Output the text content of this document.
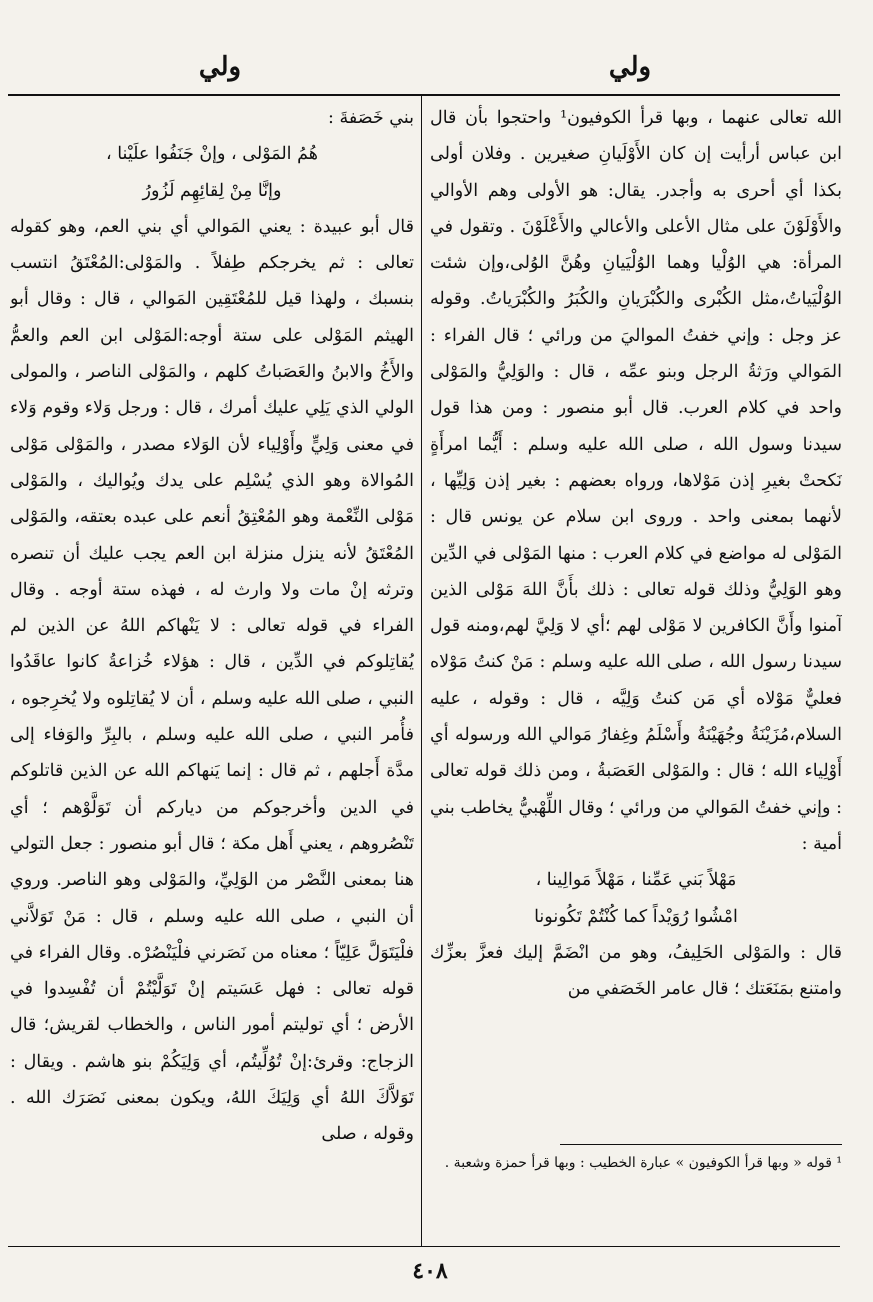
ولي
ولي

الله تعالى عنهما ، وبها قرأ الكوفيون¹ واحتجوا بأن قال ابن عباس أرأيت إن كان الأَوْلَيانِ صغيرين . وفلان أولى بكذا أي أحرى به وأجدر. يقال: هو الأولى وهم الأوالي والأَوْلَوْنَ على مثال الأعلى والأعالي والأَعْلَوْنَ . وتقول في المرأة: هي الوُلْيا وهما الوُلْيَيانِ وهُنَّ الوُلى،وإن شئت الوُلْيَياتُ،مثل الكُبْرى والكُبْرَيانِ والكُبَرُ والكُبْرَياتُ. وقوله عز وجل : وإني خفتُ المواليَ من ورائي ؛ قال الفراء : المَوالي ورَثةُ الرجل وبنو عمِّه ، قال : والوَلِيُّ والمَوْلى واحد في كلام العرب. قال أبو منصور : ومن هذا قول سيدنا وسول الله ، صلى الله عليه وسلم : أَيُّما امرأَةٍ نَكحتْ بغيرِ إذن مَوْلاها، ورواه بعضهم : بغير إذن وَلِيِّها ، لأنهما بمعنى واحد . وروى ابن سلام عن يونس قال : المَوْلى له مواضع في كلام العرب : منها المَوْلى في الدِّين وهو الوَلِيُّ وذلك قوله تعالى : ذلك بأَنَّ اللهَ مَوْلى الذين آمنوا وأَنَّ الكافرين لا مَوْلى لهم ؛أي لا وَلِيَّ لهم،ومنه قول سيدنا رسول الله ، صلى الله عليه وسلم : مَنْ كنتُ مَوْلاه فعليٌّ مَوْلاه أي مَن كنتُ وَلِيَّه ، قال : وقوله ، عليه السلام،مُزَيْنَةُ وجُهَيْنَةُ وأَسْلَمُ وغِفارُ مَوالي الله ورسوله أي أَوْلِياء الله ؛ قال : والمَوْلى العَصَبةُ ، ومن ذلك قوله تعالى : وإني خفتُ المَوالي من ورائي ؛ وقال اللِّهْبيُّ يخاطب بني أمية :

مَهْلاً بَني عَمِّنا ، مَهْلاً مَوالِينا ،

امْشُوا رُوَيْداً كما كُنْتُمْ تَكُونونا

قال : والمَوْلى الحَلِيفُ، وهو من انْضَمَّ إليك فعزَّ بعزِّك وامتنع بمَنَعَتك ؛ قال عامر الخَصَفي من

¹ قوله « وبها قرأ الكوفيون » عبارة الخطيب : وبها قرأ حمزة وشعبة .

بني خَصَفةَ :

هُمُ المَوْلى ، وإنْ جَنَفُوا علَيْنا ،

وإنَّا مِنْ لِقائِهِم لَزُورُ

قال أبو عبيدة : يعني المَوالي أي بني العم، وهو كقوله تعالى : ثم يخرجكم طِفلاً . والمَوْلى:المُعْتَقُ انتسب بنسبك ، ولهذا قيل للمُعْتَقِين المَوالي ، قال : وقال أبو الهيثم المَوْلى على ستة أوجه:المَوْلى ابن العم والعمُّ والأَخُ والابنُ والعَصَباتُ كلهم ، والمَوْلى الناصر ، والمولى الولي الذي يَلِي عليك أمرك ، قال : ورجل وَلاء وقوم وَلاء في معنى وَلِيٍّ وأَوْلِياء لأن الوَلاء مصدر ، والمَوْلى مَوْلى المُوالاة وهو الذي يُسْلِم على يدك ويُواليك ، والمَوْلى مَوْلى النِّعْمة وهو المُعْتِقُ أنعم على عبده بعتقه، والمَوْلى المُعْتَقُ لأنه ينزل منزلة ابن العم يجب عليك أن تنصره وترثه إنْ مات ولا وارث له ، فهذه ستة أوجه . وقال الفراء في قوله تعالى : لا يَنْهاكم اللهُ عن الذين لم يُقاتِلوكم في الدِّين ، قال : هؤلاء خُزاعةُ كانوا عاقَدُوا النبي ، صلى الله عليه وسلم ، أن لا يُقاتِلوه ولا يُخرِجوه ، فأُمر النبي ، صلى الله عليه وسلم ، بالبِرِّ والوَفاء إلى مدَّة أَجلهم ، ثم قال : إنما يَنهاكم الله عن الذين قاتلوكم في الدين وأخرجوكم من دياركم أن تَوَلَّوْهم ؛ أي تَنْصُروهم ، يعني أَهل مكة ؛ قال أبو منصور : جعل التولي هنا بمعنى النَّصْر من الوَلِيِّ، والمَوْلى وهو الناصر. وروي أن النبي ، صلى الله عليه وسلم ، قال : مَنْ تَوَلاَّني فلْيَتَوَلَّ عَلِيّاً ؛ معناه من نَصَرني فلْيَنْصُرْه. وقال الفراء في قوله تعالى : فهل عَسَيتم إنْ تَوَلَّيْتُمْ أن تُفْسِدوا في الأرض ؛ أي توليتم أمور الناس ، والخطاب لقريش؛ قال الزجاج: وقرئ:إنْ تُوُلِّيتُم، أي وَلِيَكُمْ بنو هاشم . ويقال : تَوَلاَّكَ اللهُ أي وَلِيَكَ اللهُ، ويكون بمعنى نَصَرَك الله . وقوله ، صلى

٤٠٨
